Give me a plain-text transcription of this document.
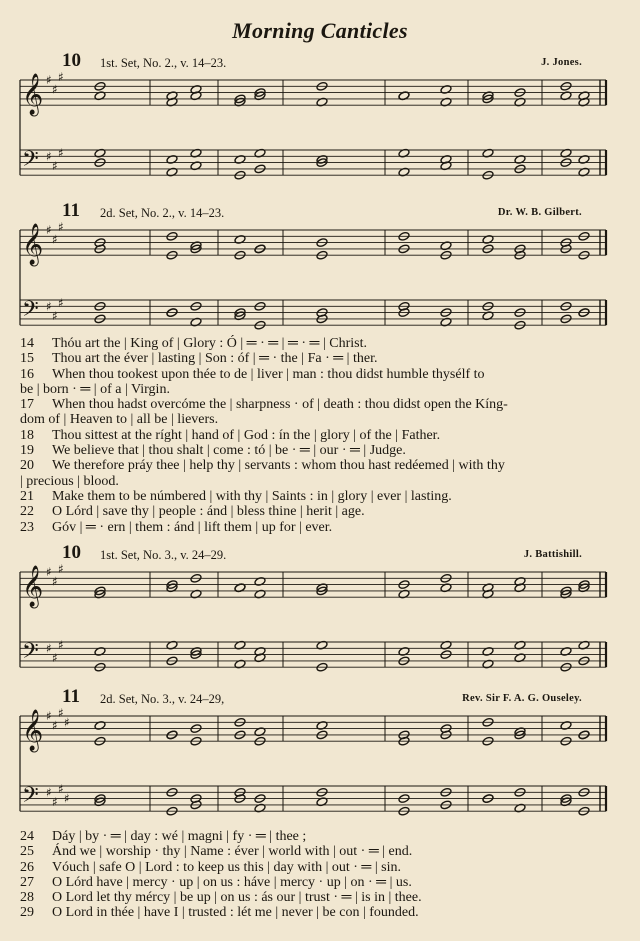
Morning Canticles
10 1st. Set, No. 2., v. 14–23.	J. Jones.
𝄞 ♯
♯
♯
𝄢 ♯
♯
♯
11 2d. Set, No. 2., v. 14–23.	Dr. W. B. Gilbert.
𝄞 ♯
♯
♯
𝄢 ♯
♯
♯
14 Thóu art the | King of | Glory : Ó | ═ · ═ | ═ · ═ | Christ.
15 Thou art the éver | lasting | Son : óf | ═ · the | Fa · ═ | ther.
16 When thou tookest upon thée to de | liver | man : thou didst humble thysélf to
be | born · ═ | of a | Virgin.
17 When thou hadst overcóme the | sharpness · of | death : thou didst open the Kíng-
dom of | Heaven to | all be | lievers.
18 Thou sittest at the ríght | hand of | God : ín the | glory | of the | Father.
19 We believe that | thou shalt | come : tó | be · ═ | our · ═ | Judge.
20 We therefore práy thee | help thy | servants : whom thou hast redéemed | with thy
| precious | blood.
21 Make them to be númbered | with thy | Saints : in | glory | ever | lasting.
22 O Lórd | save thy | people : ánd | bless thine | herit | age.
23 Góv | ═ · ern | them : ánd | lift them | up for | ever.
10 1st. Set, No. 3., v. 24–29.	J. Battishill.
𝄞 ♯
♯
♯
𝄢 ♯
♯
♯
11 2d. Set, No. 3., v. 24–29,	Rev. Sir F. A. G. Ouseley.
𝄞 ♯
♯
♯
♯
𝄢 ♯
♯
♯
♯
24 Dáy | by · ═ | day : wé | magni | fy · ═ | thee ;
25 Ánd we | worship · thy | Name : éver | world with | out · ═ | end.
26 Vóuch | safe O | Lord : to keep us this | day with | out · ═ | sin.
27 O Lórd have | mercy · up | on us : háve | mercy · up | on · ═ | us.
28 O Lord let thy mércy | be up | on us : ás our | trust · ═ | is in | thee.
29 O Lord in thée | have I | trusted : lét me | never | be con | founded.
